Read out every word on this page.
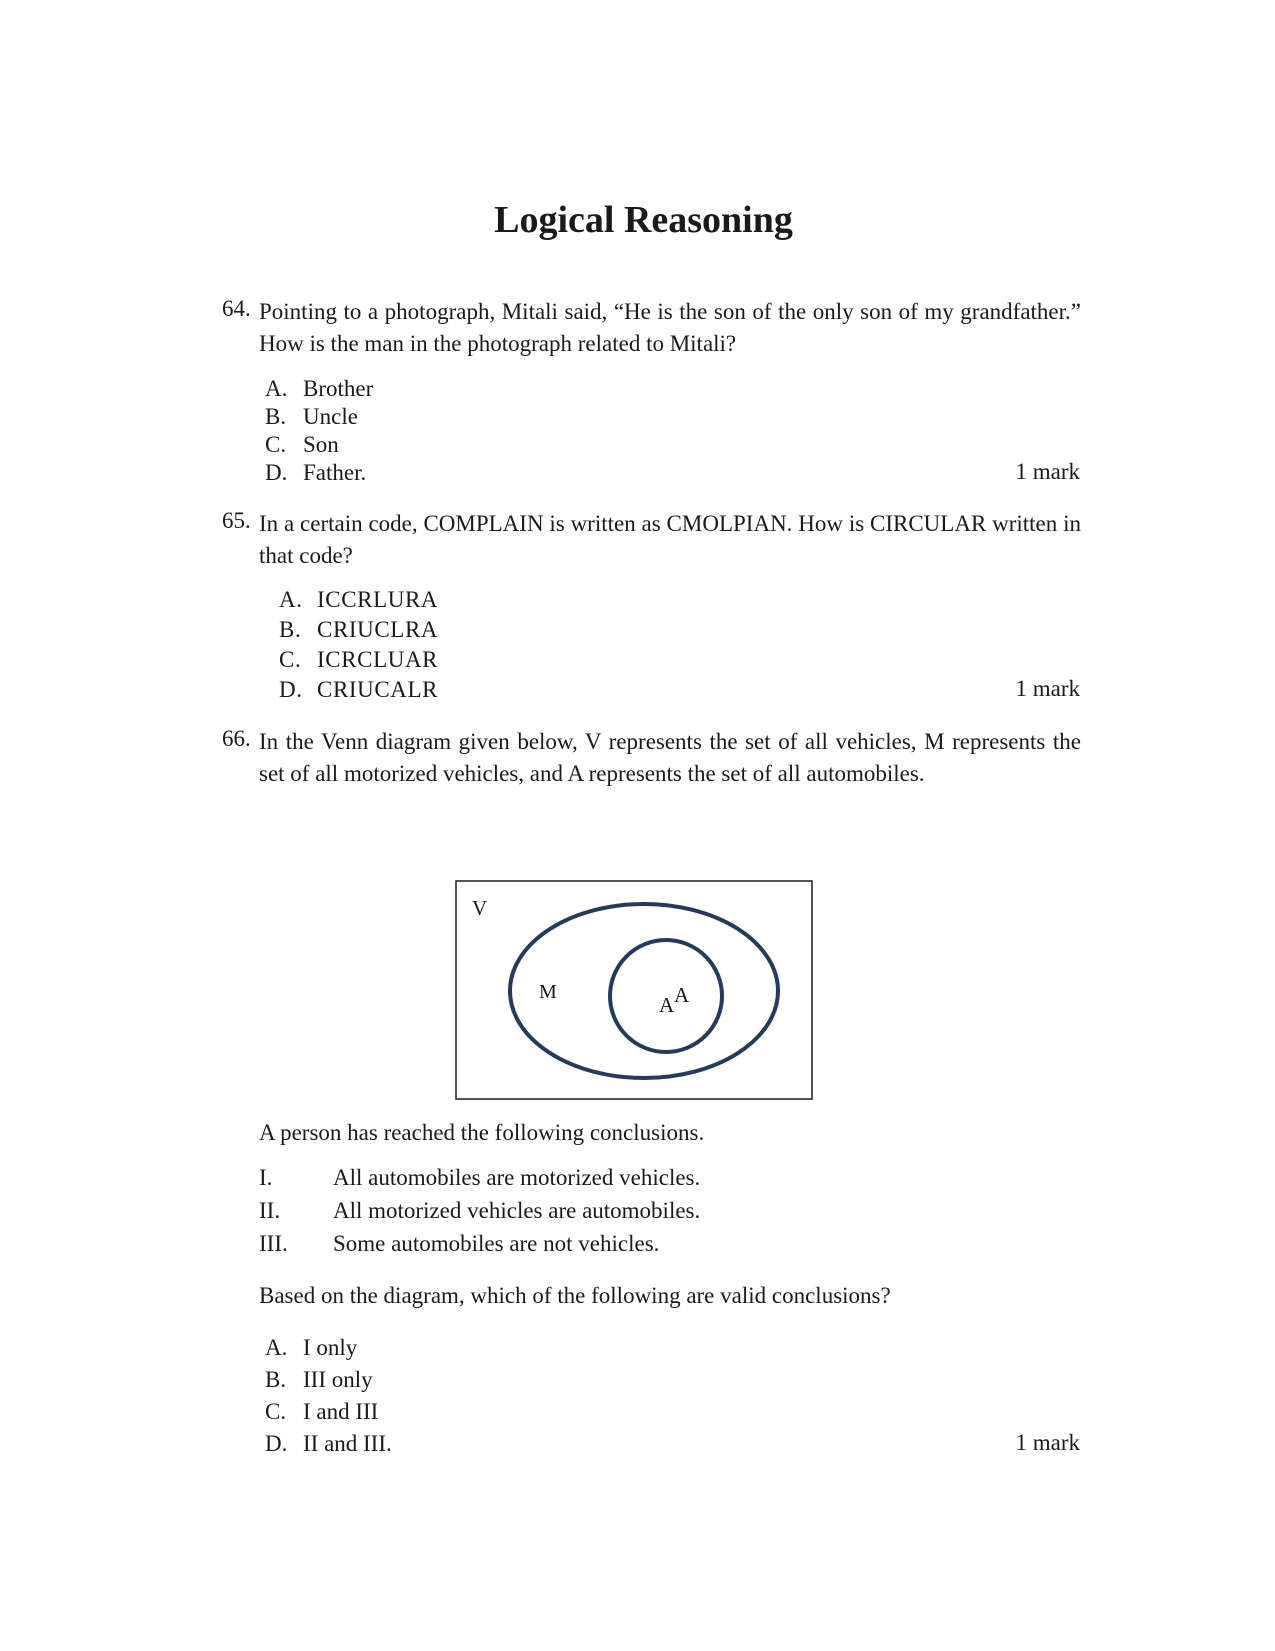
Logical Reasoning
64. Pointing to a photograph, Mitali said, “He is the son of the only son of my grandfather.” How is the man in the photograph related to Mitali?
A. Brother
B. Uncle
C. Son
D. Father.	1 mark
65. In a certain code, COMPLAIN is written as CMOLPIAN. How is CIRCULAR written in that code?
A. ICCRLURA
B. CRIUCLRA
C. ICRCLUAR
D. CRIUCALR	1 mark
66. In the Venn diagram given below, V represents the set of all vehicles, M represents the set of all motorized vehicles, and A represents the set of all automobiles.
V
M
A A
A person has reached the following conclusions.
I.	All automobiles are motorized vehicles.
II. All motorized vehicles are automobiles.
III. Some automobiles are not vehicles.
Based on the diagram, which of the following are valid conclusions?
A. I only
B. III only
C. I and III
D. II and III.	1 mark
